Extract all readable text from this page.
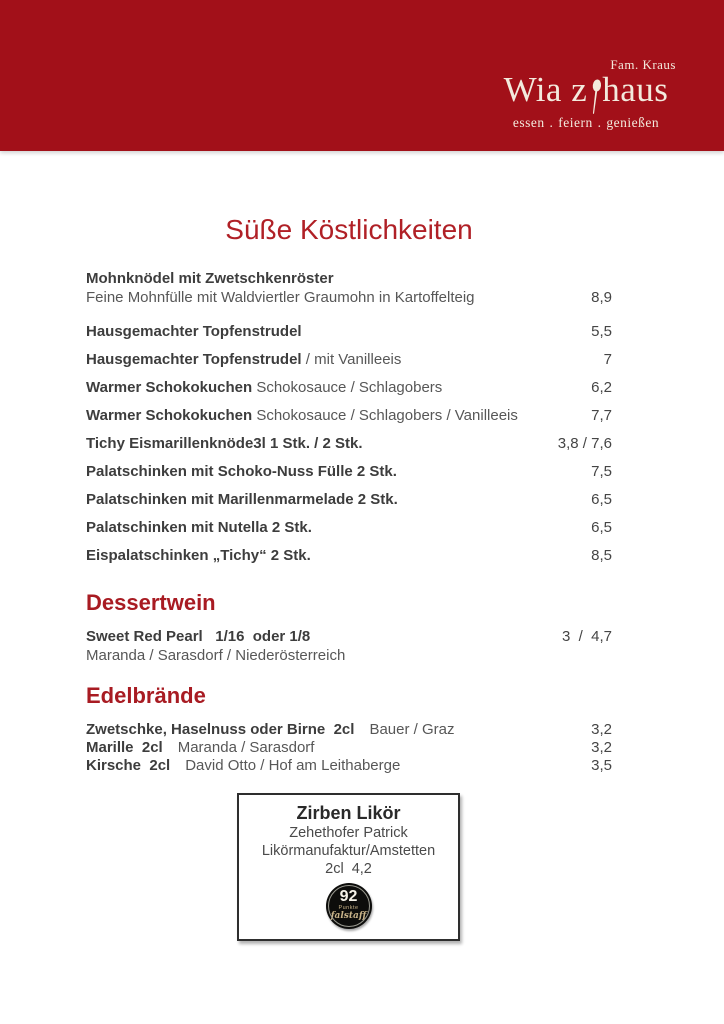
Fam. Kraus
Wia z haus
essen . feiern . genießen
Süße Köstlichkeiten
Mohnknödel mit Zwetschkenröster
Feine Mohnfülle mit Waldviertler Graumohn in Kartoffelteig	8,9
Hausgemachter Topfenstrudel	5,5
Hausgemachter Topfenstrudel / mit Vanilleeis	7
Warmer Schokokuchen Schokosauce / Schlagobers	6,2
Warmer Schokokuchen Schokosauce / Schlagobers / Vanilleeis	7,7
Tichy Eismarillenknöde3l 1 Stk. / 2 Stk.	3,8 / 7,6
Palatschinken mit Schoko-Nuss Fülle 2 Stk.	7,5
Palatschinken mit Marillenmarmelade 2 Stk.	6,5
Palatschinken mit Nutella 2 Stk.	6,5
Eispalatschinken „Tichy“ 2 Stk.	8,5
Dessertwein
Sweet Red Pearl   1/16  oder 1/8	3  /  4,7
Maranda / Sarasdorf / Niederösterreich
Edelbrände
Zwetschke, Haselnuss oder Birne  2cl Bauer / Graz	3,2
Marille  2cl Maranda / Sarasdorf	3,2
Kirsche  2cl David Otto / Hof am Leithaberge	3,5
Zirben Likör
Zehethofer Patrick
Likörmanufaktur/Amstetten
2cl  4,2
92
Punkte
falstaff
